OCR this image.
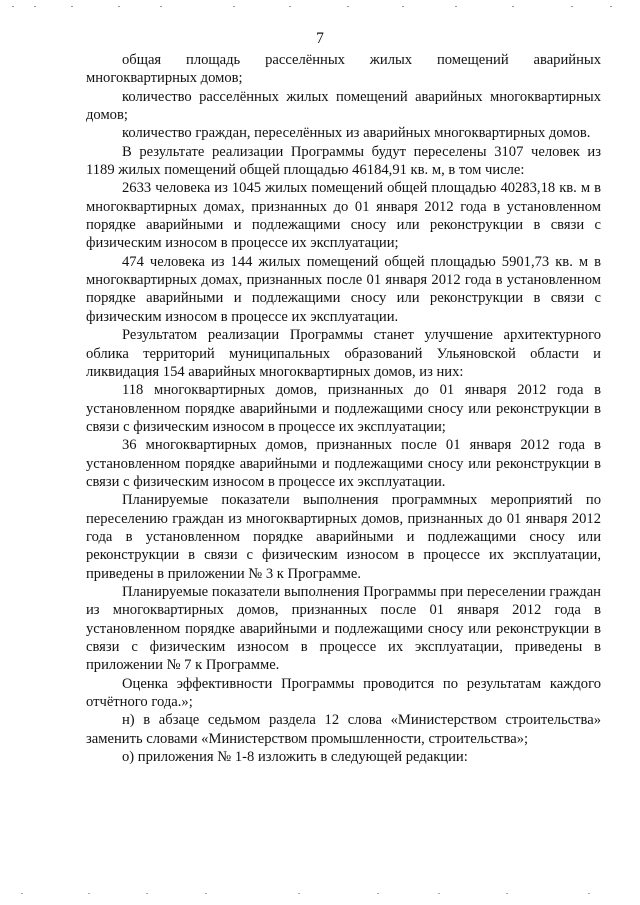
7

общая площадь расселённых жилых помещений аварийных многоквартирных домов;

количество расселённых жилых помещений аварийных многоквартирных домов;

количество граждан, переселённых из аварийных многоквартирных домов.

В результате реализации Программы будут переселены 3107 человек из 1189 жилых помещений общей площадью 46184,91 кв. м, в том числе:

2633 человека из 1045 жилых помещений общей площадью 40283,18 кв. м в многоквартирных домах, признанных до 01 января 2012 года в установленном порядке аварийными и подлежащими сносу или реконструкции в связи с физическим износом в процессе их эксплуатации;

474 человека из 144 жилых помещений общей площадью 5901,73 кв. м в многоквартирных домах, признанных после 01 января 2012 года в установленном порядке аварийными и подлежащими сносу или реконструкции в связи с физическим износом в процессе их эксплуатации.

Результатом реализации Программы станет улучшение архитектурного облика территорий муниципальных образований Ульяновской области и ликвидация 154 аварийных многоквартирных домов, из них:

118 многоквартирных домов, признанных до 01 января 2012 года в установленном порядке аварийными и подлежащими сносу или реконструкции в связи с физическим износом в процессе их эксплуатации;

36 многоквартирных домов, признанных после 01 января 2012 года в установленном порядке аварийными и подлежащими сносу или реконструкции в связи с физическим износом в процессе их эксплуатации.

Планируемые показатели выполнения программных мероприятий по переселению граждан из многоквартирных домов, признанных до 01 января 2012 года в установленном порядке аварийными и подлежащими сносу или реконструкции в связи с физическим износом в процессе их эксплуатации, приведены в приложении № 3 к Программе.

Планируемые показатели выполнения Программы при переселении граждан из многоквартирных домов, признанных после 01 января 2012 года в установленном порядке аварийными и подлежащими сносу или реконструкции в связи с физическим износом в процессе их эксплуатации, приведены в приложении № 7 к Программе.

Оценка эффективности Программы проводится по результатам каждого отчётного года.»;

н) в абзаце седьмом раздела 12 слова «Министерством строительства» заменить словами «Министерством промышленности, строительства»;

о) приложения № 1-8 изложить в следующей редакции:
